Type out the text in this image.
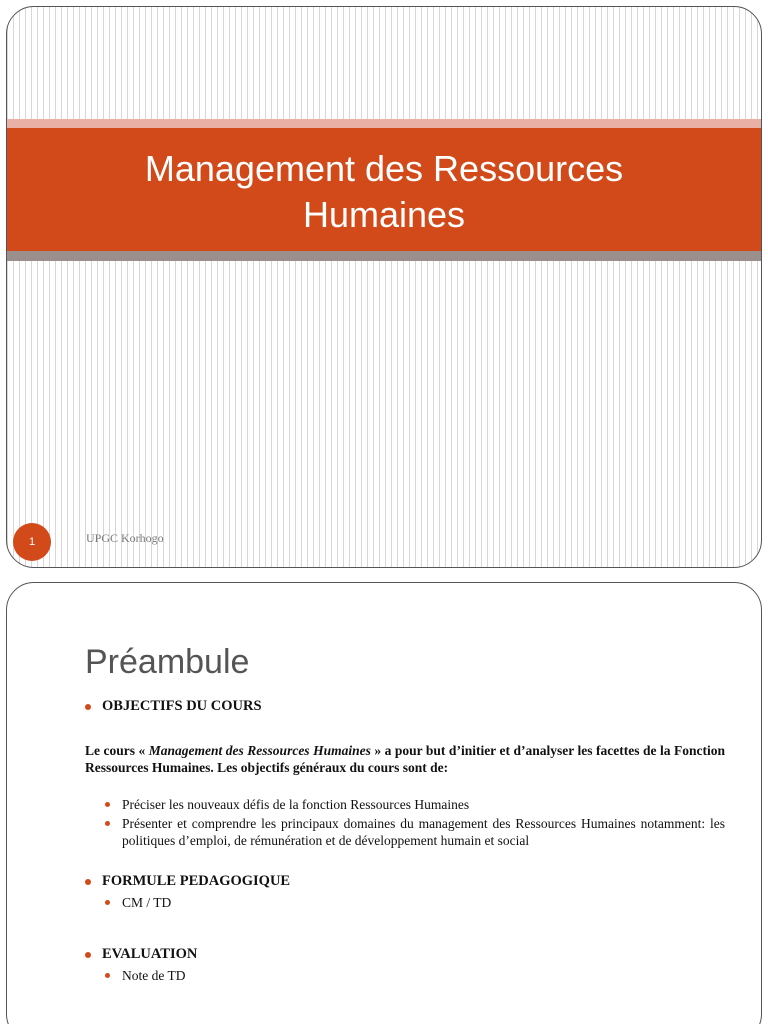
Management des Ressources Humaines
1	UPGC Korhogo
Préambule
OBJECTIFS DU COURS
Le cours « Management des Ressources Humaines » a pour but d’initier et d’analyser les facettes de la Fonction Ressources Humaines. Les objectifs généraux du cours sont de:
Préciser les nouveaux défis de la fonction Ressources Humaines
Présenter et comprendre les principaux domaines du management des Ressources Humaines notamment: les politiques d’emploi, de rémunération et de développement humain et social
FORMULE PEDAGOGIQUE
CM / TD
EVALUATION
Note de TD
